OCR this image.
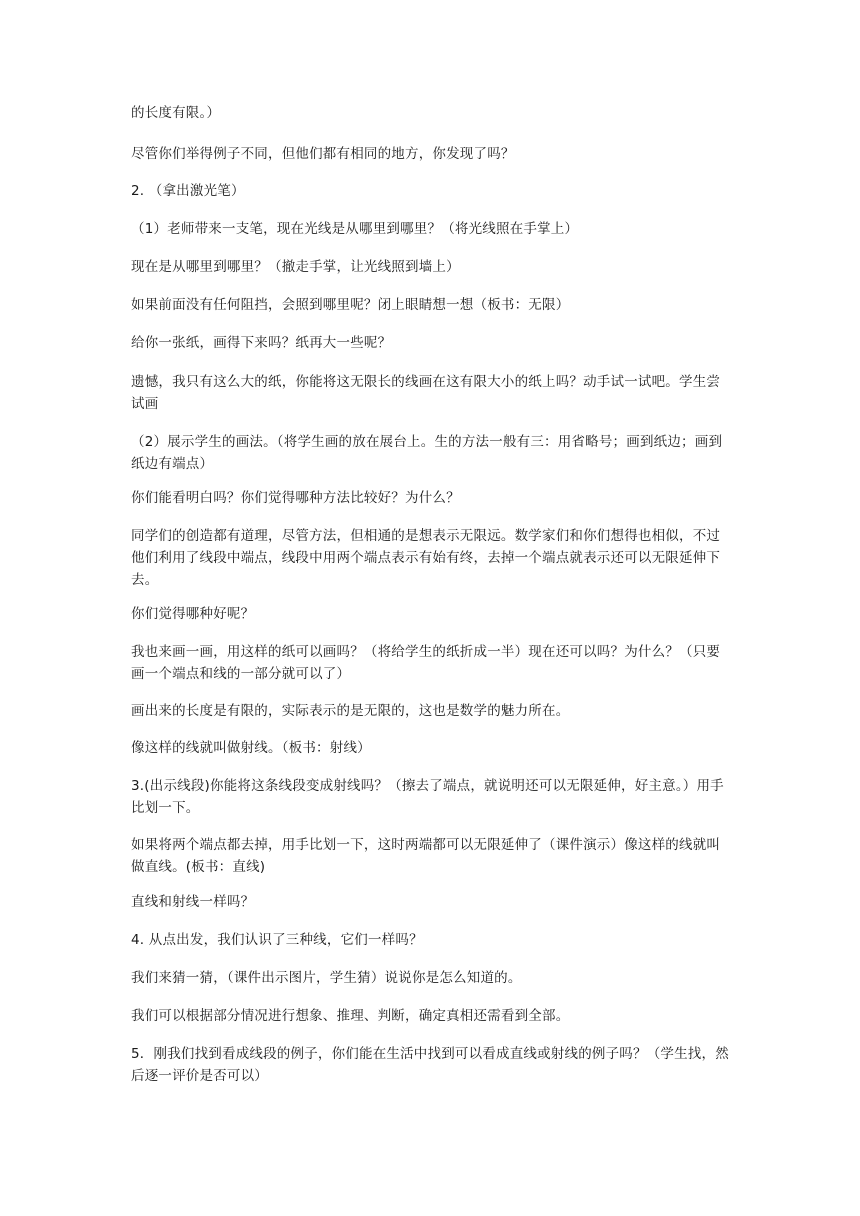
的长度有限。）

尽管你们举得例子不同，但他们都有相同的地方，你发现了吗？

2. （拿出激光笔）

（1）老师带来一支笔，现在光线是从哪里到哪里？（将光线照在手掌上）

现在是从哪里到哪里？（撤走手掌，让光线照到墙上）

如果前面没有任何阻挡，会照到哪里呢？闭上眼睛想一想（板书：无限）

给你一张纸，画得下来吗？纸再大一些呢？

遗憾，我只有这么大的纸，你能将这无限长的线画在这有限大小的纸上吗？动手试一试吧。学生尝试画

（2）展示学生的画法。（将学生画的放在展台上。生的方法一般有三：用省略号；画到纸边；画到纸边有端点）

你们能看明白吗？你们觉得哪种方法比较好？为什么？

同学们的创造都有道理，尽管方法，但相通的是想表示无限远。数学家们和你们想得也相似，不过他们利用了线段中端点，线段中用两个端点表示有始有终，去掉一个端点就表示还可以无限延伸下去。

你们觉得哪种好呢？

我也来画一画，用这样的纸可以画吗？（将给学生的纸折成一半）现在还可以吗？为什么？（只要画一个端点和线的一部分就可以了）

画出来的长度是有限的，实际表示的是无限的，这也是数学的魅力所在。

像这样的线就叫做射线。（板书：射线）

3.(出示线段)你能将这条线段变成射线吗？（擦去了端点，就说明还可以无限延伸，好主意。）用手比划一下。

如果将两个端点都去掉，用手比划一下，这时两端都可以无限延伸了（课件演示）像这样的线就叫做直线。(板书：直线)

直线和射线一样吗？

4. 从点出发，我们认识了三种线，它们一样吗？

我们来猜一猜，（课件出示图片，学生猜）说说你是怎么知道的。

我们可以根据部分情况进行想象、推理、判断，确定真相还需看到全部。

5．刚我们找到看成线段的例子，你们能在生活中找到可以看成直线或射线的例子吗？（学生找，然后逐一评价是否可以）
